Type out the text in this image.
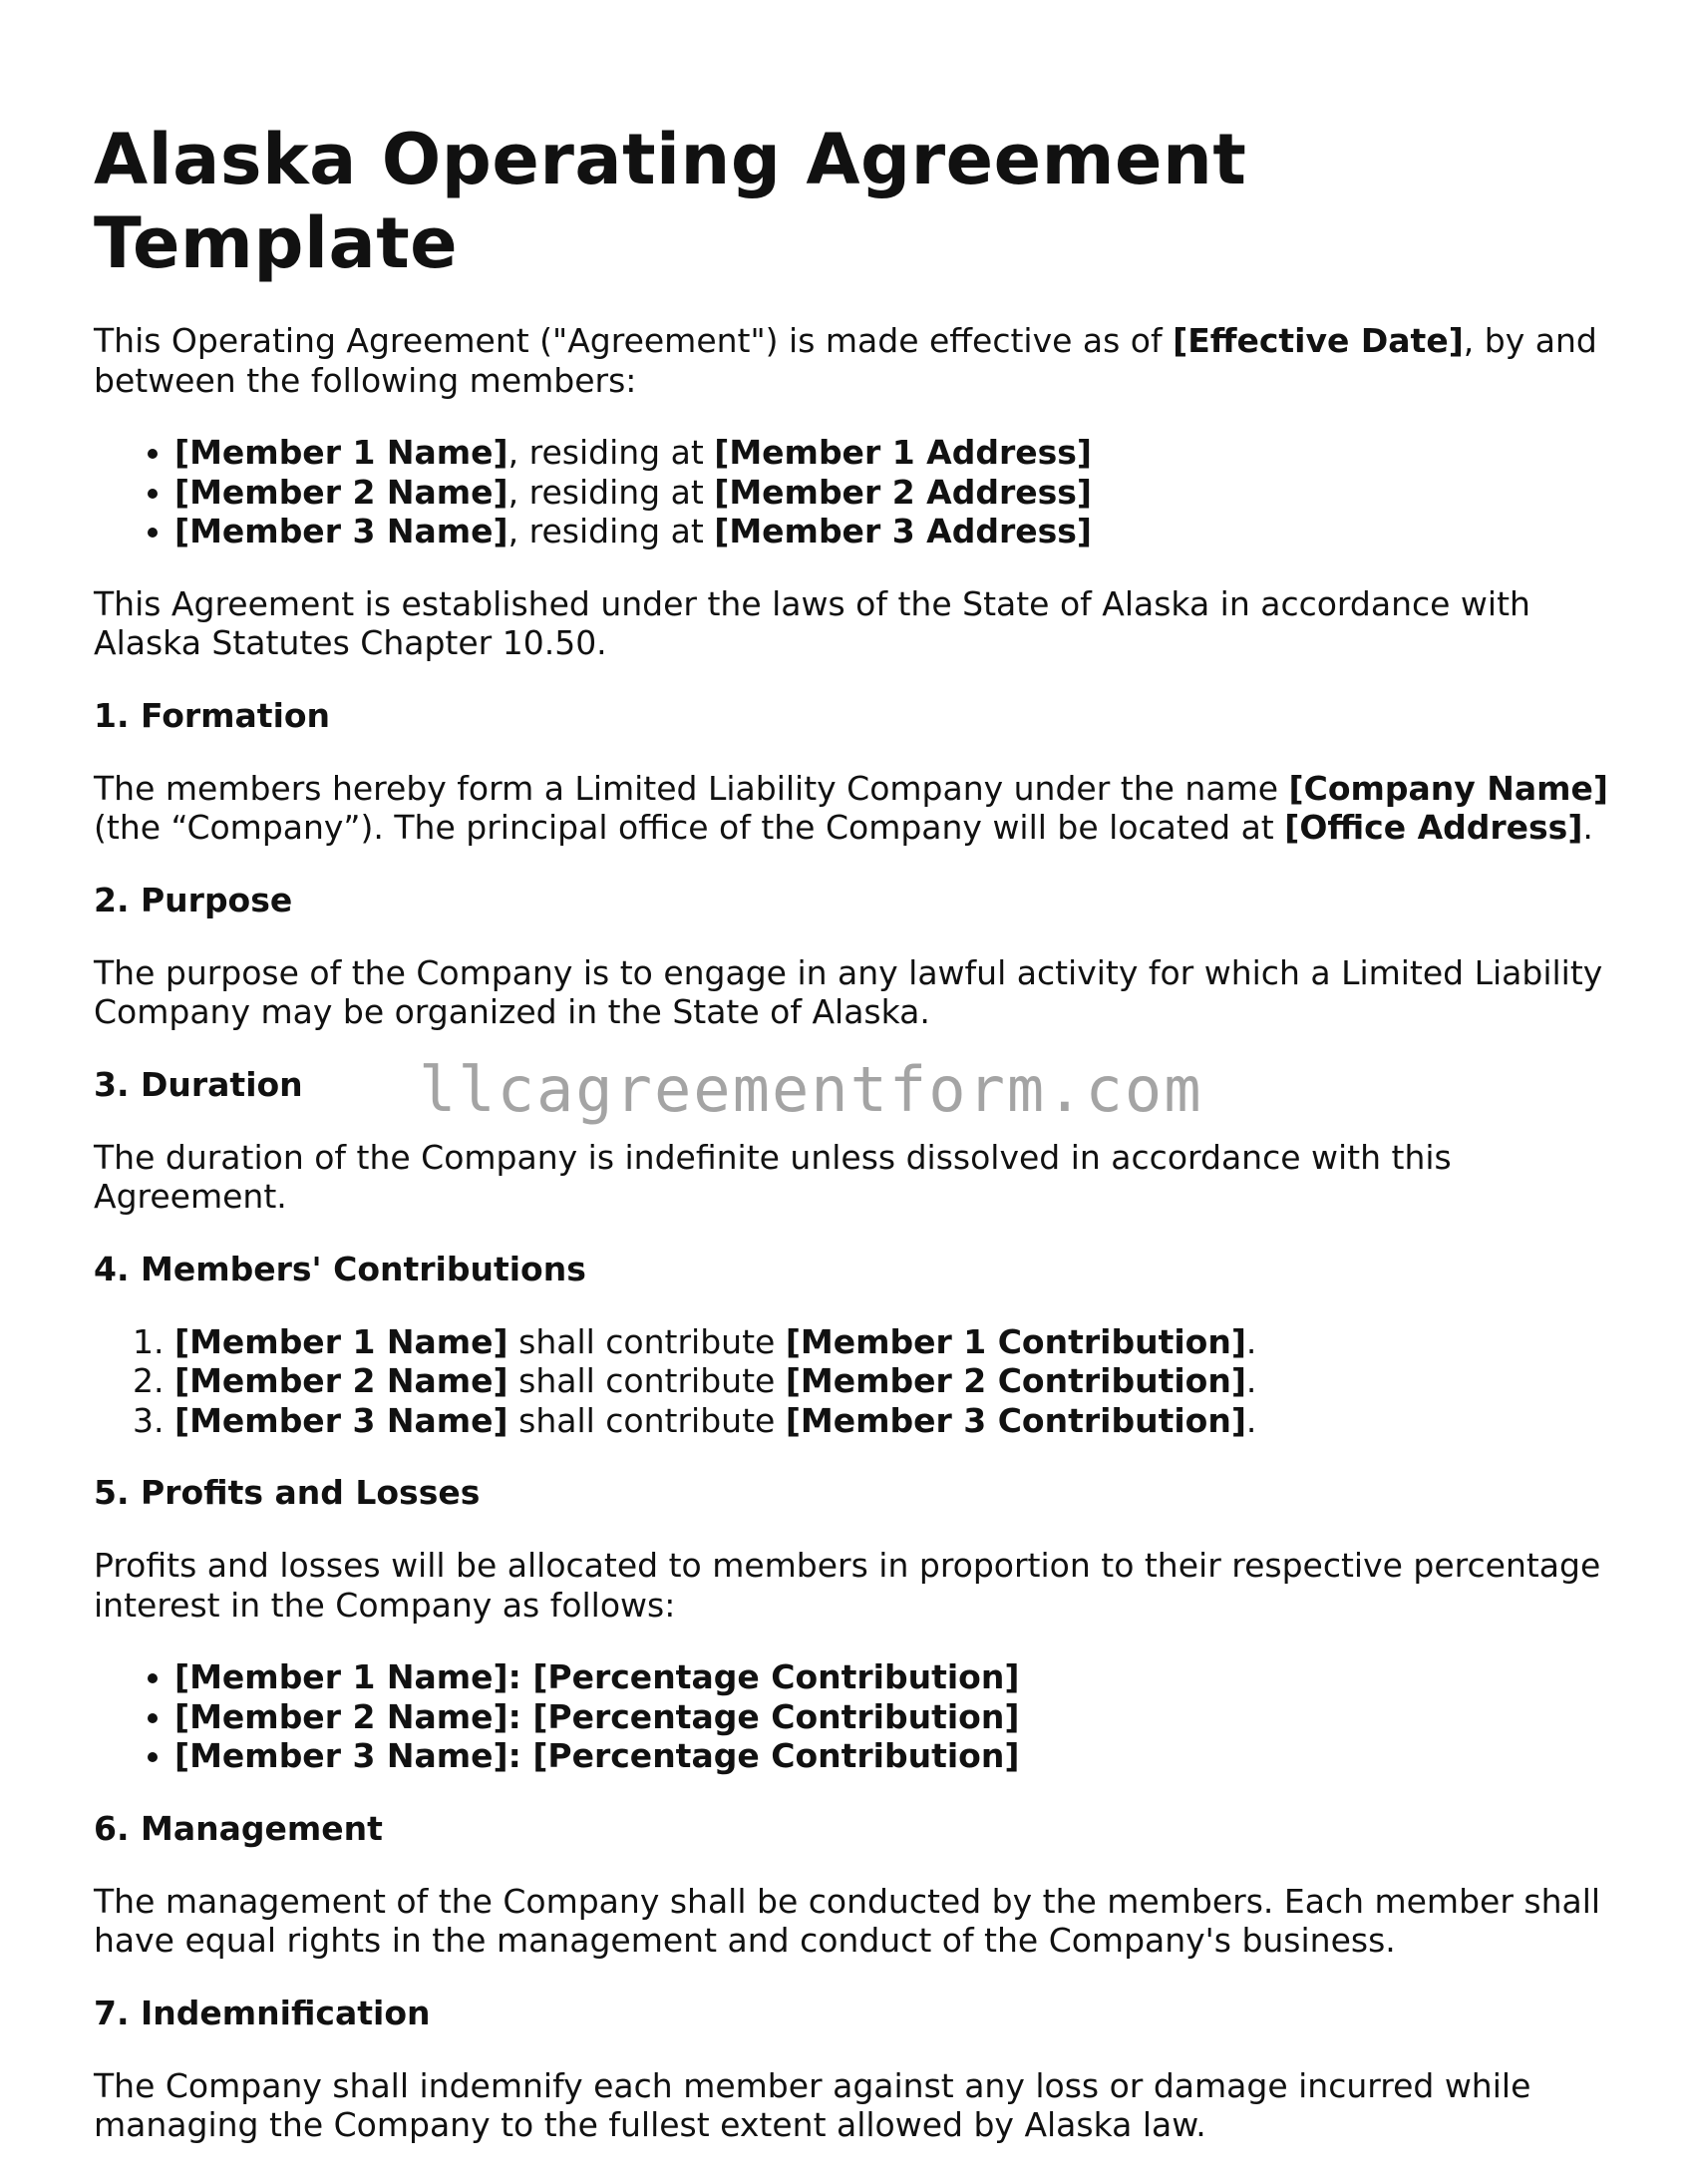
Alaska Operating Agreement Template

This Operating Agreement ("Agreement") is made effective as of [Effective Date], by and between the following members:

• [Member 1 Name], residing at [Member 1 Address]
• [Member 2 Name], residing at [Member 2 Address]
• [Member 3 Name], residing at [Member 3 Address]

This Agreement is established under the laws of the State of Alaska in accordance with Alaska Statutes Chapter 10.50.

1. Formation

The members hereby form a Limited Liability Company under the name [Company Name] (the “Company”). The principal office of the Company will be located at [Office Address].

2. Purpose

The purpose of the Company is to engage in any lawful activity for which a Limited Liability Company may be organized in the State of Alaska.

3. Duration

The duration of the Company is indefinite unless dissolved in accordance with this Agreement.

4. Members' Contributions
1. [Member 1 Name] shall contribute [Member 1 Contribution].
2. [Member 2 Name] shall contribute [Member 2 Contribution].
3. [Member 3 Name] shall contribute [Member 3 Contribution].
5. Profits and Losses

Profits and losses will be allocated to members in proportion to their respective percentage interest in the Company as follows:

• [Member 1 Name]: [Percentage Contribution]
• [Member 2 Name]: [Percentage Contribution]
• [Member 3 Name]: [Percentage Contribution]
6. Management

The management of the Company shall be conducted by the members. Each member shall have equal rights in the management and conduct of the Company's business.

7. Indemnification

The Company shall indemnify each member against any loss or damage incurred while managing the Company to the fullest extent allowed by Alaska law.

llcagreementform.com
